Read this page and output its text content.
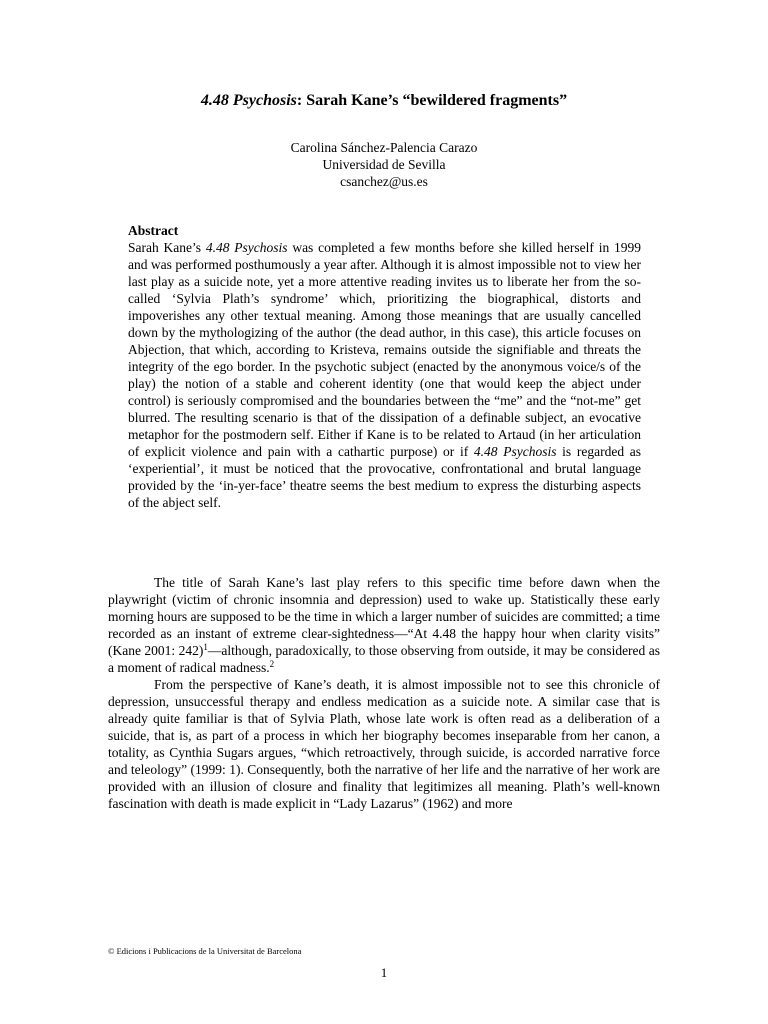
4.48 Psychosis: Sarah Kane’s “bewildered fragments”
Carolina Sánchez-Palencia Carazo
Universidad de Sevilla
csanchez@us.es
Abstract
Sarah Kane’s 4.48 Psychosis was completed a few months before she killed herself in 1999 and was performed posthumously a year after. Although it is almost impossible not to view her last play as a suicide note, yet a more attentive reading invites us to liberate her from the so-called ‘Sylvia Plath’s syndrome’ which, prioritizing the biographical, distorts and impoverishes any other textual meaning. Among those meanings that are usually cancelled down by the mythologizing of the author (the dead author, in this case), this article focuses on Abjection, that which, according to Kristeva, remains outside the signifiable and threats the integrity of the ego border. In the psychotic subject (enacted by the anonymous voice/s of the play) the notion of a stable and coherent identity (one that would keep the abject under control) is seriously compromised and the boundaries between the “me” and the “not-me” get blurred. The resulting scenario is that of the dissipation of a definable subject, an evocative metaphor for the postmodern self. Either if Kane is to be related to Artaud (in her articulation of explicit violence and pain with a cathartic purpose) or if 4.48 Psychosis is regarded as ‘experiential’, it must be noticed that the provocative, confrontational and brutal language provided by the ‘in-yer-face’ theatre seems the best medium to express the disturbing aspects of the abject self.

The title of Sarah Kane’s last play refers to this specific time before dawn when the playwright (victim of chronic insomnia and depression) used to wake up. Statistically these early morning hours are supposed to be the time in which a larger number of suicides are committed; a time recorded as an instant of extreme clear-sightedness—“At 4.48 the happy hour when clarity visits” (Kane 2001: 242)$^1$—although, paradoxically, to those observing from outside, it may be considered as a moment of radical madness.$^2$

From the perspective of Kane’s death, it is almost impossible not to see this chronicle of depression, unsuccessful therapy and endless medication as a suicide note. A similar case that is already quite familiar is that of Sylvia Plath, whose late work is often read as a deliberation of a suicide, that is, as part of a process in which her biography becomes inseparable from her canon, a totality, as Cynthia Sugars argues, “which retroactively, through suicide, is accorded narrative force and teleology” (1999: 1). Consequently, both the narrative of her life and the narrative of her work are provided with an illusion of closure and finality that legitimizes all meaning. Plath’s well-known fascination with death is made explicit in “Lady Lazarus” (1962) and more

© Edicions i Publicacions de la Universitat de Barcelona
1
